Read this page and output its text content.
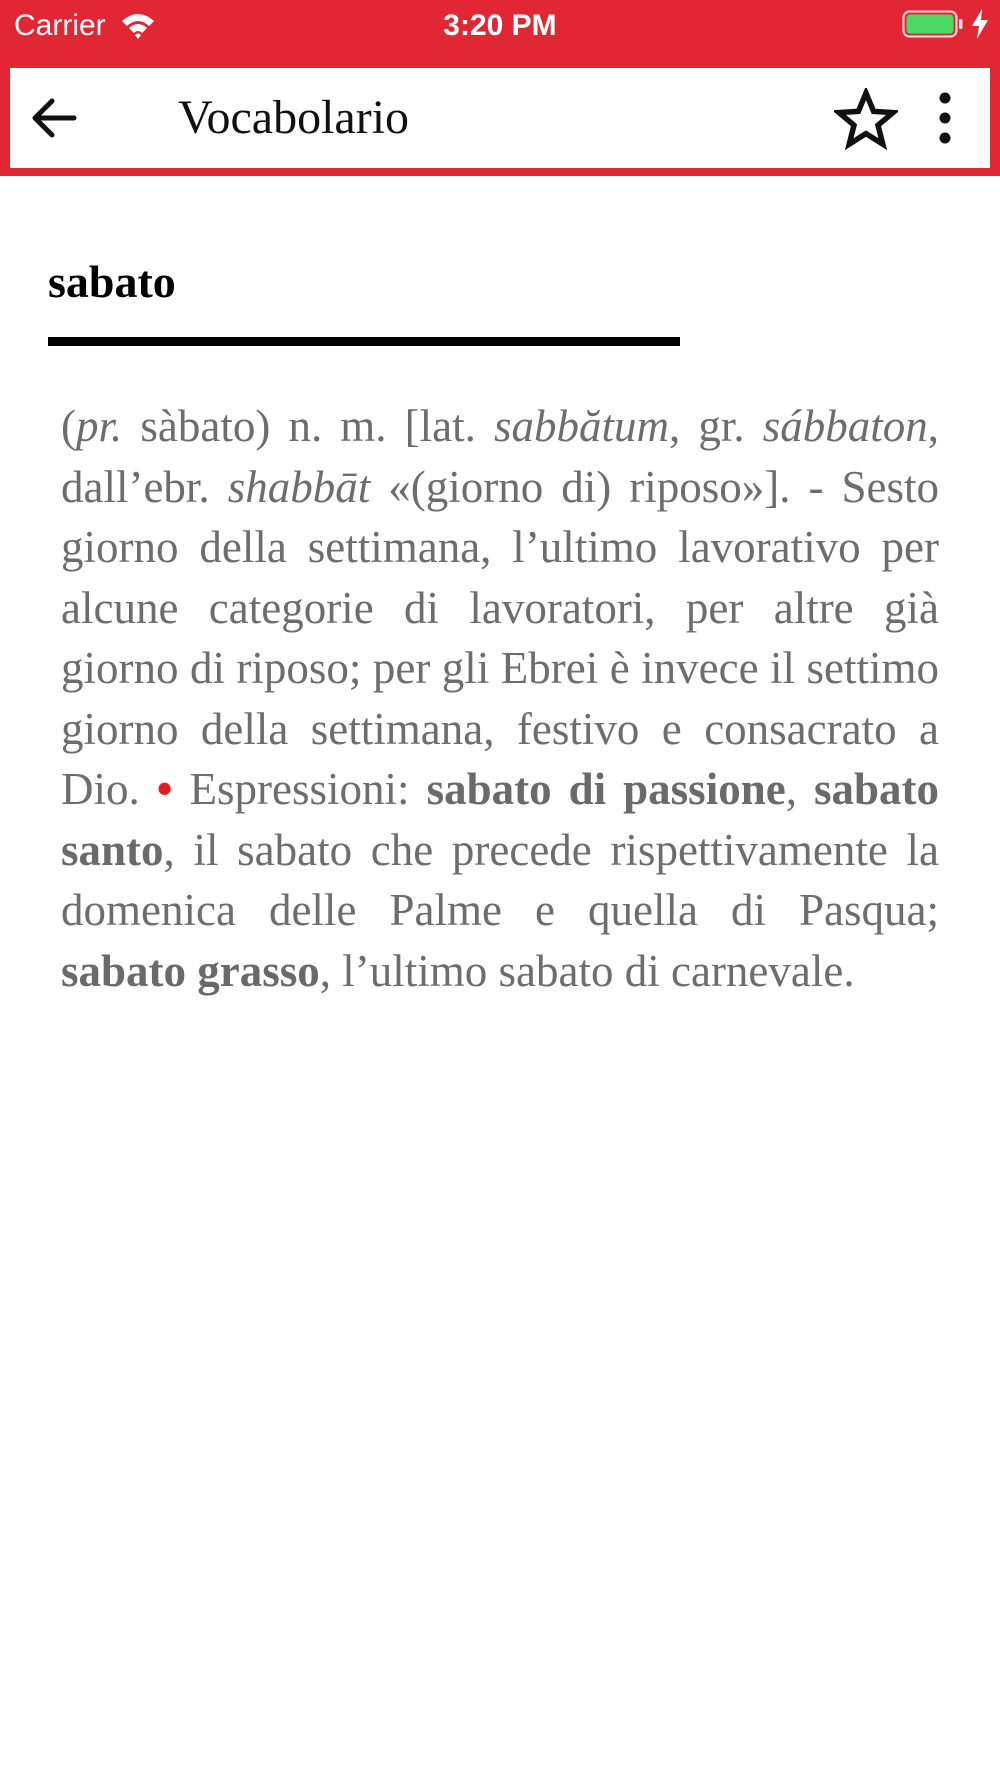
Carrier	3:20 PM
Vocabolario
sabato

(pr. sàbato) n. m. [lat. sabbătum, gr. sábbaton, dall’ebr. shabbāt «(giorno di) riposo»]. - Sesto giorno della settimana, l’ultimo lavorativo per alcune categorie di lavoratori, per altre già giorno di riposo; per gli Ebrei è invece il settimo giorno della settimana, festivo e consacrato a Dio. • Espressioni: sabato di passione, sabato santo, il sabato che precede rispettivamente la domenica delle Palme e quella di Pasqua; sabato grasso, l’ultimo sabato di carnevale.
